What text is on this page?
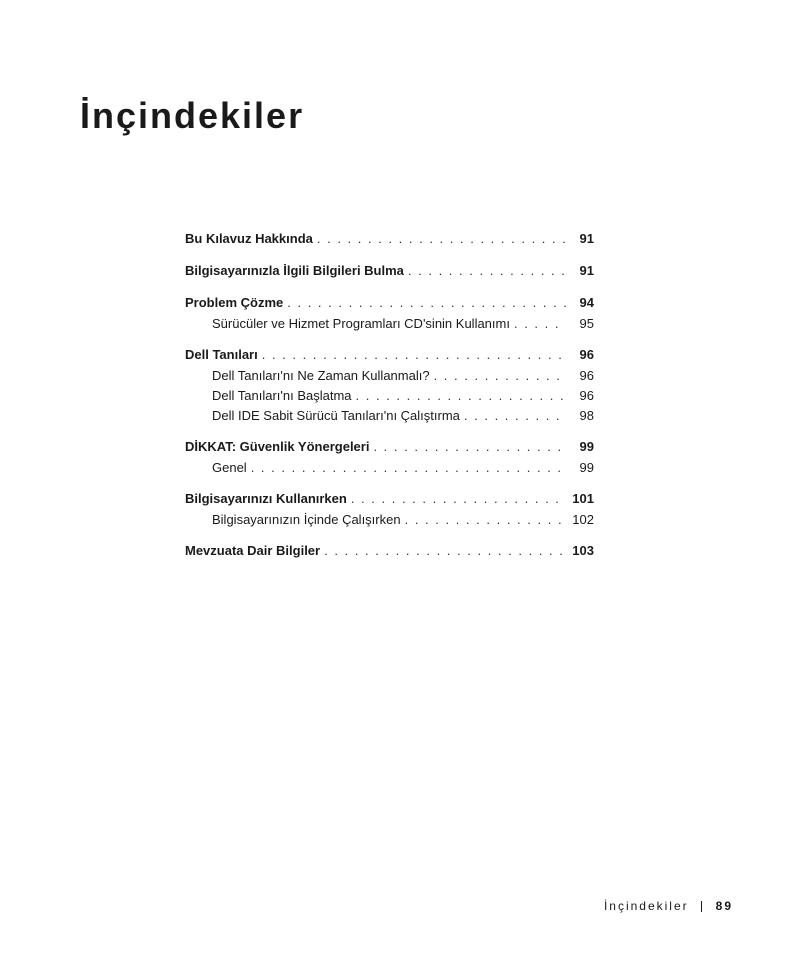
İnçindekiler
Bu Kılavuz Hakkında . . .	91
Bilgisayarınızla İlgili Bilgileri Bulma . . .	91
Problem Çözme . . .	94
Sürücüler ve Hizmet Programları CD'sinin Kullanımı . . .	95
Dell Tanıları . . .	96
Dell Tanıları'nı Ne Zaman Kullanmalı? . . .	96
Dell Tanıları'nı Başlatma . . .	96
Dell IDE Sabit Sürücü Tanıları'nı Çalıştırma . . .	98
DİKKAT: Güvenlik Yönergeleri . . .	99
Genel . . .	99
Bilgisayarınızı Kullanırken . . .	101
Bilgisayarınızın İçinde Çalışırken . . .	102
Mevzuata Dair Bilgiler . . .	103
İnçindekiler 89
